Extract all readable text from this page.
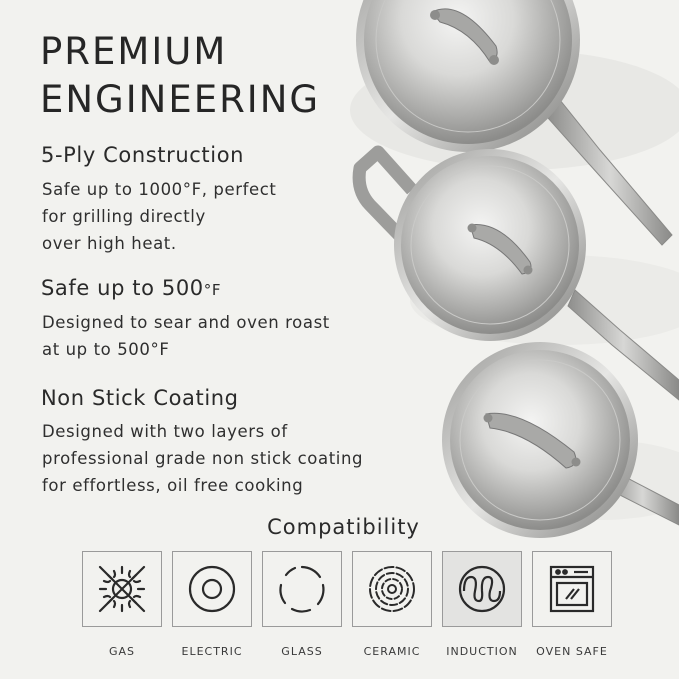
PREMIUM
ENGINEERING
5-Ply Construction
Safe up to 1000°F, perfect
for grilling directly
over high heat.
Safe up to 500°F
Designed to sear and oven roast
at up to 500°F
Non Stick Coating
Designed with two layers of
professional grade non stick coating
for effortless, oil free cooking
Compatibility
GAS	ELECTRIC	GLASS	CERAMIC	INDUCTION	OVEN SAFE
